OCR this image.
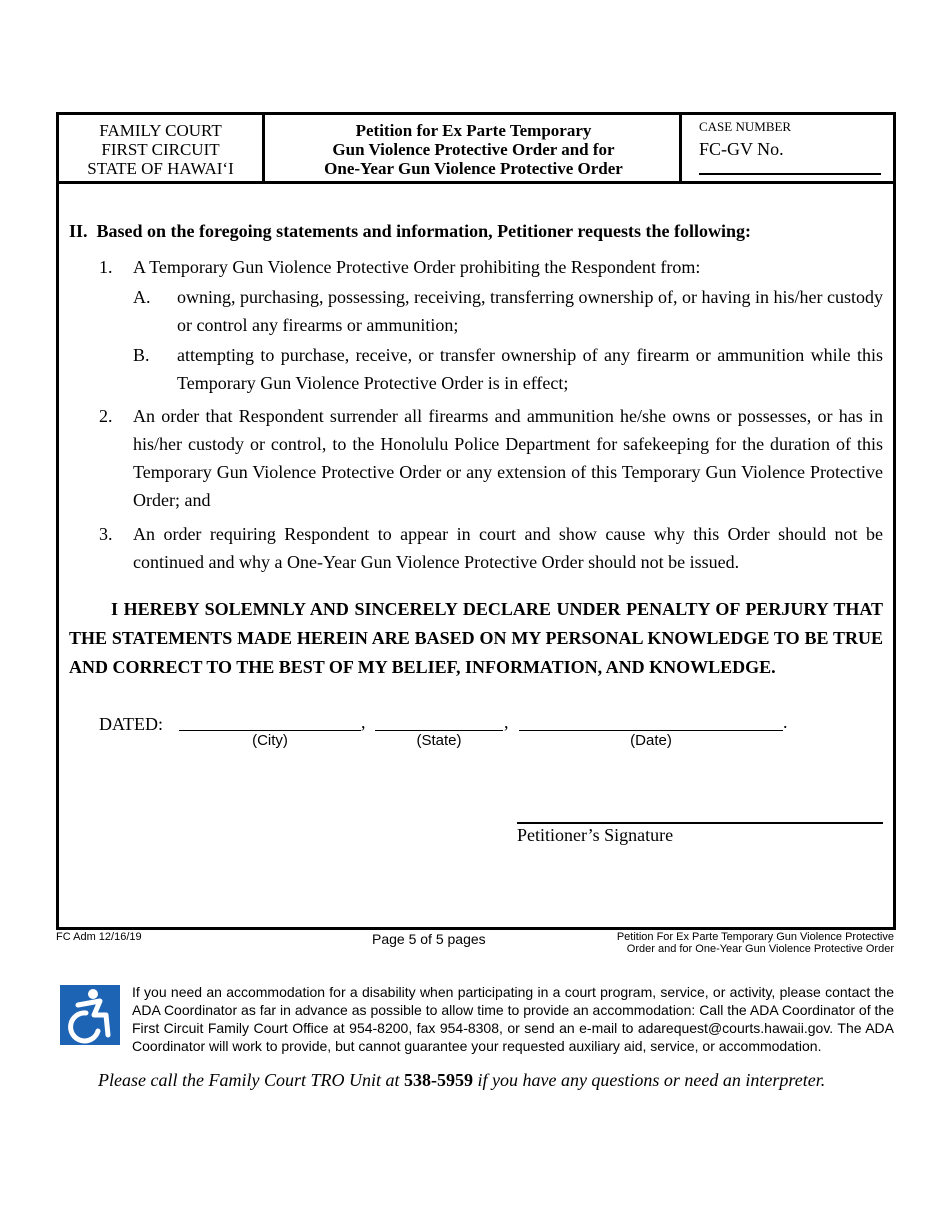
FAMILY COURT
FIRST CIRCUIT
STATE OF HAWAIʻI
Petition for Ex Parte Temporary
Gun Violence Protective Order and for
One-Year Gun Violence Protective Order
CASE NUMBER
FC-GV No.
II.  Based on the foregoing statements and information, Petitioner requests the following:
1. A Temporary Gun Violence Protective Order prohibiting the Respondent from:
A. owning, purchasing, possessing, receiving, transferring ownership of, or having in his/her custody or control any firearms or ammunition;
B. attempting to purchase, receive, or transfer ownership of any firearm or ammunition while this Temporary Gun Violence Protective Order is in effect;
2. An order that Respondent surrender all firearms and ammunition he/she owns or possesses, or has in his/her custody or control, to the Honolulu Police Department for safekeeping for the duration of this Temporary Gun Violence Protective Order or any extension of this Temporary Gun Violence Protective Order; and
3. An order requiring Respondent to appear in court and show cause why this Order should not be continued and why a One-Year Gun Violence Protective Order should not be issued.
I HEREBY SOLEMNLY AND SINCERELY DECLARE UNDER PENALTY OF PERJURY THAT THE STATEMENTS MADE HEREIN ARE BASED ON MY PERSONAL KNOWLEDGE TO BE TRUE AND CORRECT TO THE BEST OF MY BELIEF, INFORMATION, AND KNOWLEDGE.
DATED:	,	,	.
(City)	(State)	(Date)
Petitioner’s Signature
FC Adm 12/16/19	Page 5 of 5 pages	Petition For Ex Parte Temporary Gun Violence Protective
Order and for One-Year Gun Violence Protective Order
If you need an accommodation for a disability when participating in a court program, service, or activity, please contact the ADA Coordinator as far in advance as possible to allow time to provide an accommodation: Call the ADA Coordinator of the First Circuit Family Court Office at 954-8200, fax 954-8308, or send an e-mail to adarequest@courts.hawaii.gov. The ADA Coordinator will work to provide, but cannot guarantee your requested auxiliary aid, service, or accommodation.
Please call the Family Court TRO Unit at 538-5959 if you have any questions or need an interpreter.
